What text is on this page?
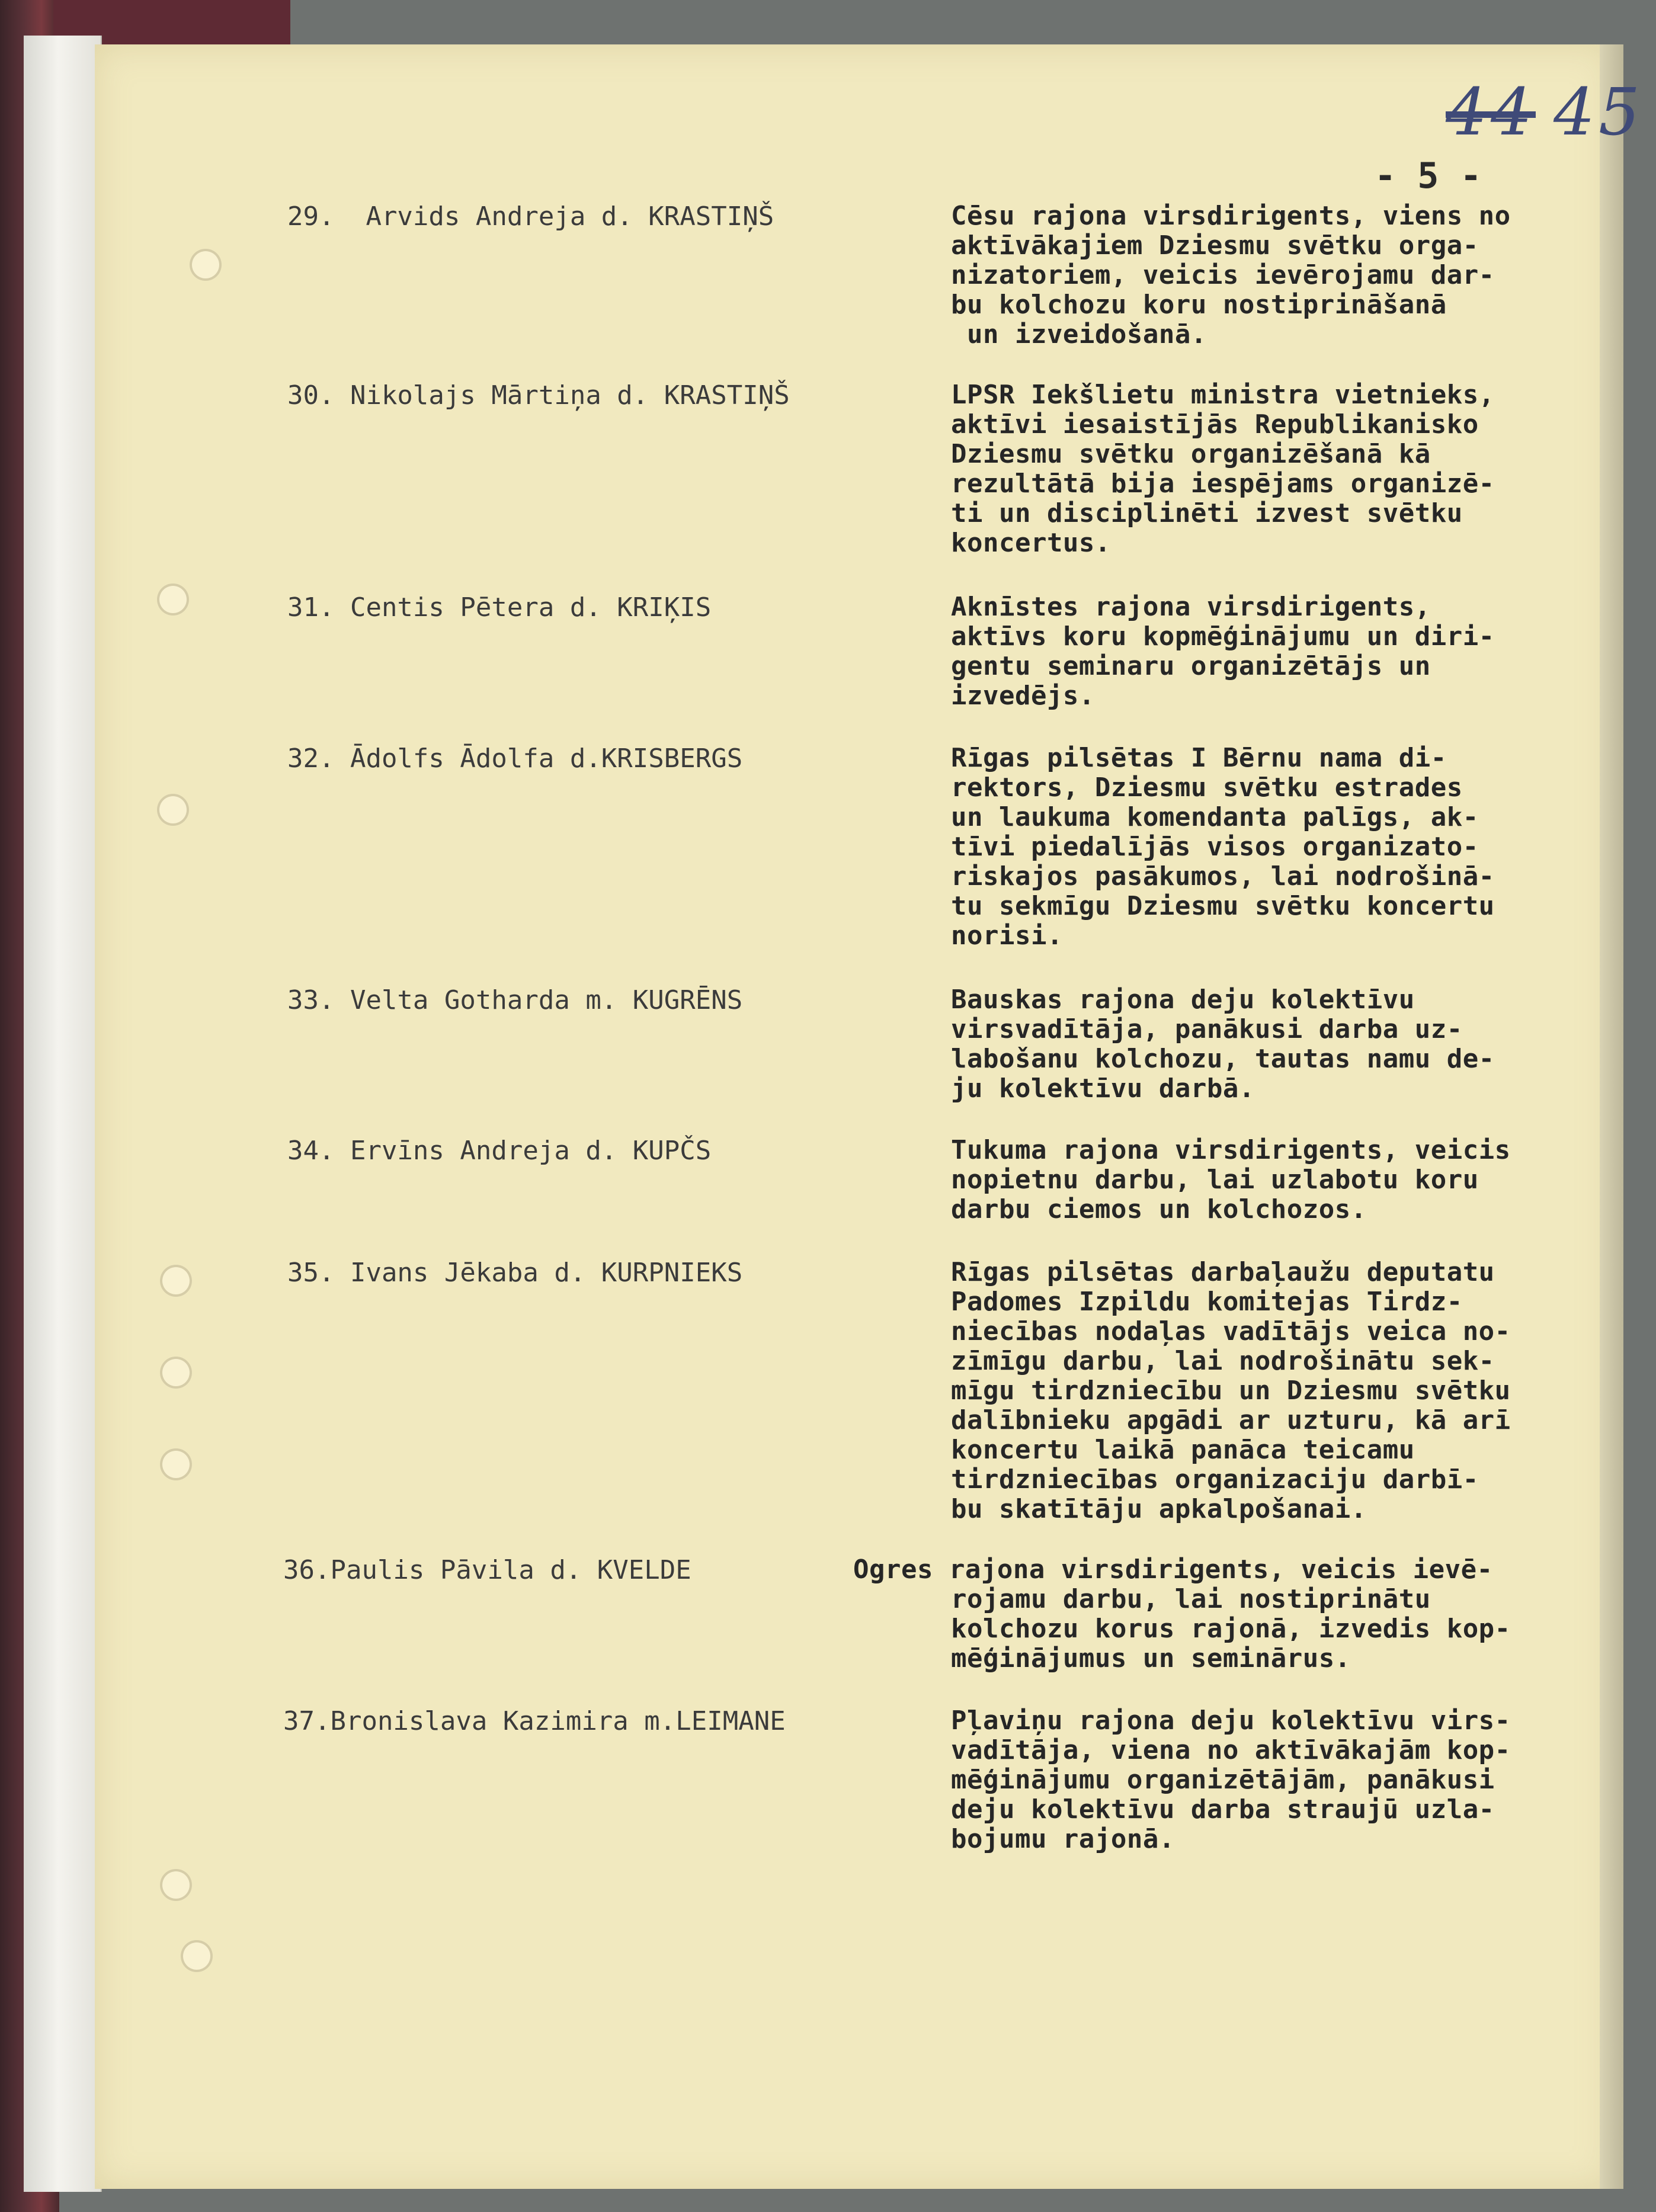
44 45
- 5 -
29.  Arvids Andreja d. KRASTIŅŠ	Cēsu rajona virsdirigents, viens no
aktīvākajiem Dziesmu svētku orga-
nizatoriem, veicis ievērojamu dar-
bu kolchozu koru nostiprināšanā
un izveidošanā.
30. Nikolajs Mārtiņa d. KRASTIŅŠ	LPSR Iekšlietu ministra vietnieks,
aktīvi iesaistījās Republikanisko
Dziesmu svētku organizēšanā kā
rezultātā bija iespējams organizē-
ti un disciplinēti izvest svētku
koncertus.
31. Centis Pētera d. KRIĶIS	Aknīstes rajona virsdirigents,
aktīvs koru kopmēģinājumu un diri-
gentu seminaru organizētājs un
izvedējs.
32. Ādolfs Ādolfa d.KRISBERGS	Rīgas pilsētas I Bērnu nama di-
rektors, Dziesmu svētku estrades
un laukuma komendanta palīgs, ak-
tīvi piedalījās visos organizato-
riskajos pasākumos, lai nodrošinā-
tu sekmīgu Dziesmu svētku koncertu
norisi.
33. Velta Gotharda m. KUGRĒNS	Bauskas rajona deju kolektīvu
virsvadītāja, panākusi darba uz-
labošanu kolchozu, tautas namu de-
ju kolektīvu darbā.
34. Ervīns Andreja d. KUPČS	Tukuma rajona virsdirigents, veicis
nopietnu darbu, lai uzlabotu koru
darbu ciemos un kolchozos.
35. Ivans Jēkaba d. KURPNIEKS	Rīgas pilsētas darbaļaužu deputatu
Padomes Izpildu komitejas Tirdz-
niecības nodaļas vadītājs veica no-
zīmīgu darbu, lai nodrošinātu sek-
mīgu tirdzniecību un Dziesmu svētku
dalībnieku apgādi ar uzturu, kā arī
koncertu laikā panāca teicamu
tirdzniecības organizaciju darbī-
bu skatītāju apkalpošanai.
36.Paulis Pāvila d. KVELDE	Ogres rajona virsdirigents, veicis ievē-
rojamu darbu, lai nostiprinātu
kolchozu korus rajonā, izvedis kop-
mēģinājumus un seminārus.
37.Bronislava Kazimira m.LEIMANE	Pļaviņu rajona deju kolektīvu virs-
vadītāja, viena no aktīvākajām kop-
mēģinājumu organizētājām, panākusi
deju kolektīvu darba straujū uzla-
bojumu rajonā.
